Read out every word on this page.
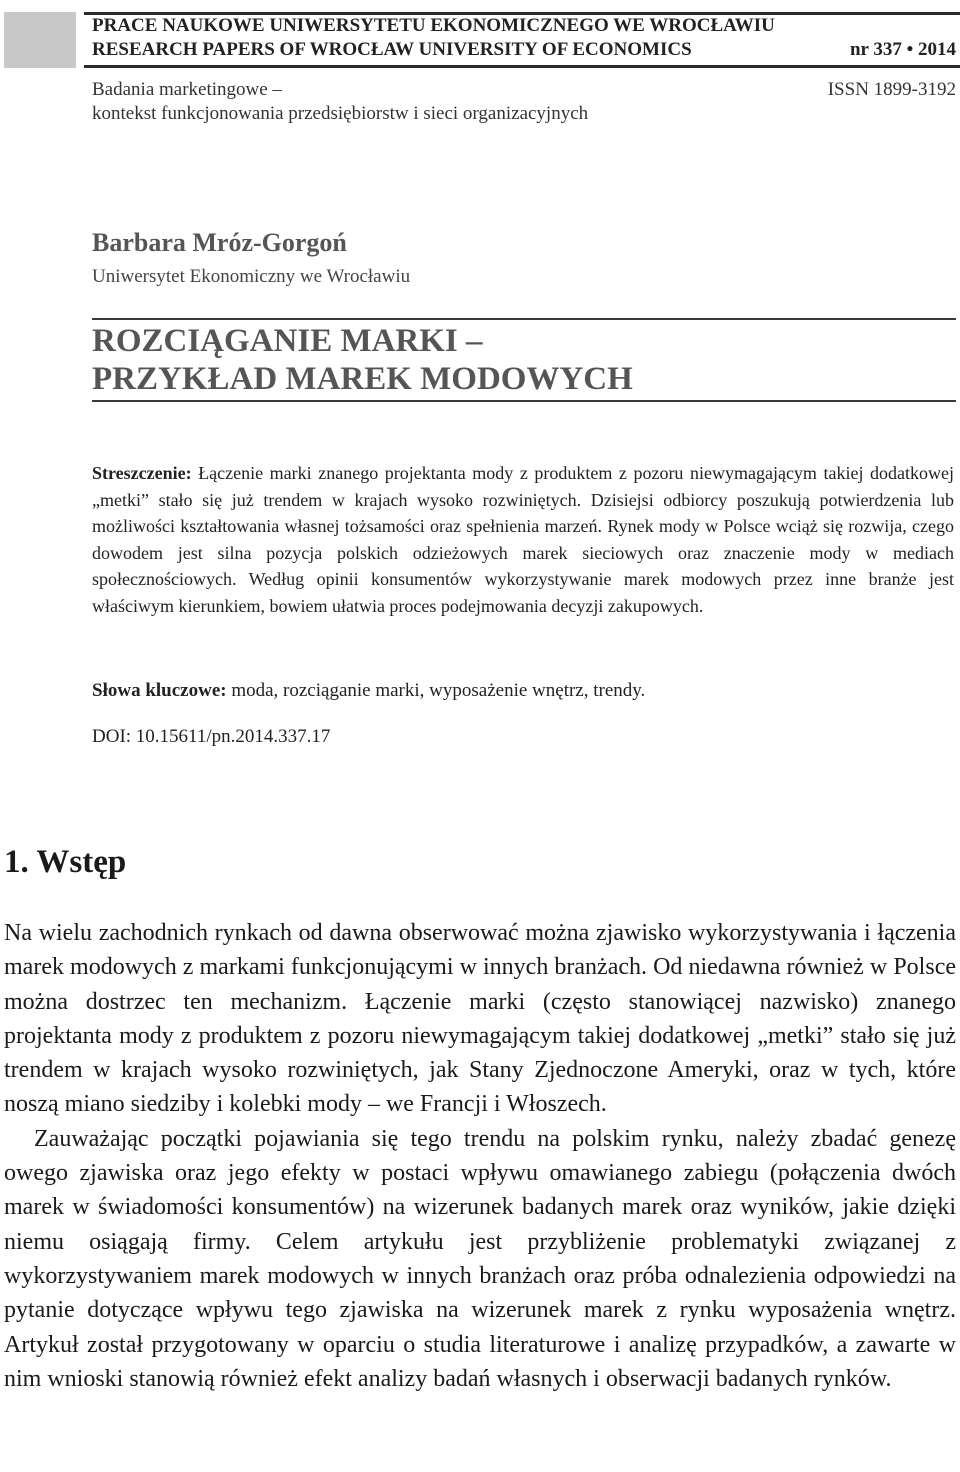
PRACE NAUKOWE UNIWERSYTETU EKONOMICZNEGO WE WROCŁAWIU
RESEARCH PAPERS OF WROCŁAW UNIVERSITY OF ECONOMICS	nr 337 • 2014
Badania marketingowe –
kontekst funkcjonowania przedsiębiorstw i sieci organizacyjnych
ISSN 1899-3192
Barbara Mróz-Gorgoń
Uniwersytet Ekonomiczny we Wrocławiu
ROZCIĄGANIE MARKI –
PRZYKŁAD MAREK MODOWYCH
Streszczenie: Łączenie marki znanego projektanta mody z produktem z pozoru niewymagającym takiej dodatkowej „metki” stało się już trendem w krajach wysoko rozwiniętych. Dzisiejsi odbiorcy poszukują potwierdzenia lub możliwości kształtowania własnej tożsamości oraz spełnienia marzeń. Rynek mody w Polsce wciąż się rozwija, czego dowodem jest silna pozycja polskich odzieżowych marek sieciowych oraz znaczenie mody w mediach społecznościowych. Według opinii konsumentów wykorzystywanie marek modowych przez inne branże jest właściwym kierunkiem, bowiem ułatwia proces podejmowania decyzji zakupowych.
Słowa kluczowe: moda, rozciąganie marki, wyposażenie wnętrz, trendy.
DOI: 10.15611/pn.2014.337.17
1. Wstęp

Na wielu zachodnich rynkach od dawna obserwować można zjawisko wykorzystywania i łączenia marek modowych z markami funkcjonującymi w innych branżach. Od niedawna również w Polsce można dostrzec ten mechanizm. Łączenie marki (często stanowiącej nazwisko) znanego projektanta mody z produktem z pozoru niewymagającym takiej dodatkowej „metki” stało się już trendem w krajach wysoko rozwiniętych, jak Stany Zjednoczone Ameryki, oraz w tych, które noszą miano siedziby i kolebki mody – we Francji i Włoszech.

Zauważając początki pojawiania się tego trendu na polskim rynku, należy zbadać genezę owego zjawiska oraz jego efekty w postaci wpływu omawianego zabiegu (połączenia dwóch marek w świadomości konsumentów) na wizerunek badanych marek oraz wyników, jakie dzięki niemu osiągają firmy. Celem artykułu jest przybliżenie problematyki związanej z wykorzystywaniem marek modowych w innych branżach oraz próba odnalezienia odpowiedzi na pytanie dotyczące wpływu tego zjawiska na wizerunek marek z rynku wyposażenia wnętrz. Artykuł został przygotowany w oparciu o studia literaturowe i analizę przypadków, a zawarte w nim wnioski stanowią również efekt analizy badań własnych i obserwacji badanych rynków.
